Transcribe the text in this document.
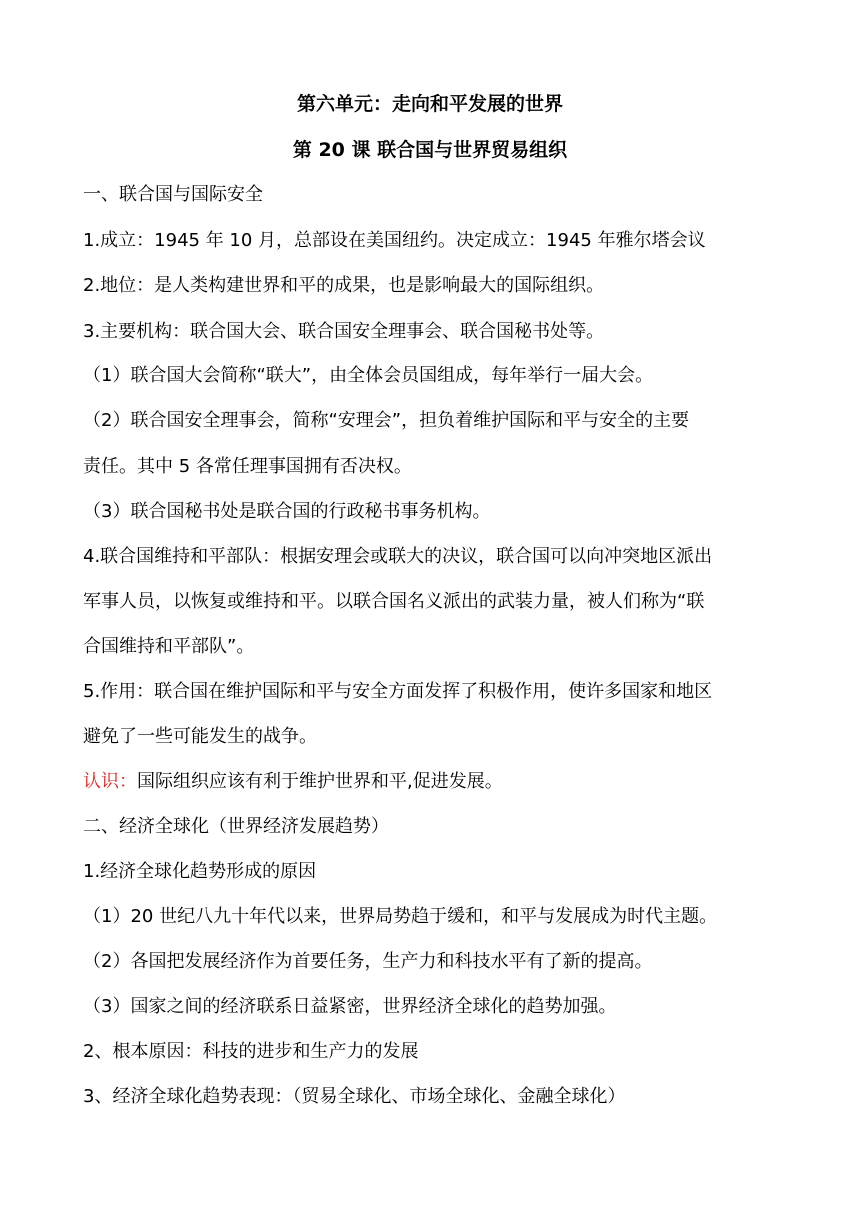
第六单元：走向和平发展的世界
第 20 课 联合国与世界贸易组织
一、联合国与国际安全
1.成立：1945 年 10 月，总部设在美国纽约。决定成立：1945 年雅尔塔会议
2.地位：是人类构建世界和平的成果，也是影响最大的国际组织。
3.主要机构：联合国大会、联合国安全理事会、联合国秘书处等。
（1）联合国大会简称“联大”，由全体会员国组成，每年举行一届大会。
（2）联合国安全理事会，简称“安理会”，担负着维护国际和平与安全的主要
责任。其中 5 各常任理事国拥有否决权。
（3）联合国秘书处是联合国的行政秘书事务机构。
4.联合国维持和平部队：根据安理会或联大的决议，联合国可以向冲突地区派出
军事人员，以恢复或维持和平。以联合国名义派出的武装力量，被人们称为“联
合国维持和平部队”。
5.作用：联合国在维护国际和平与安全方面发挥了积极作用，使许多国家和地区
避免了一些可能发生的战争。
认识：国际组织应该有利于维护世界和平,促进发展。
二、经济全球化（世界经济发展趋势）
1.经济全球化趋势形成的原因
（1）20 世纪八九十年代以来，世界局势趋于缓和，和平与发展成为时代主题。
（2）各国把发展经济作为首要任务，生产力和科技水平有了新的提高。
（3）国家之间的经济联系日益紧密，世界经济全球化的趋势加强。
2、根本原因：科技的进步和生产力的发展
3、经济全球化趋势表现：（贸易全球化、市场全球化、金融全球化）
